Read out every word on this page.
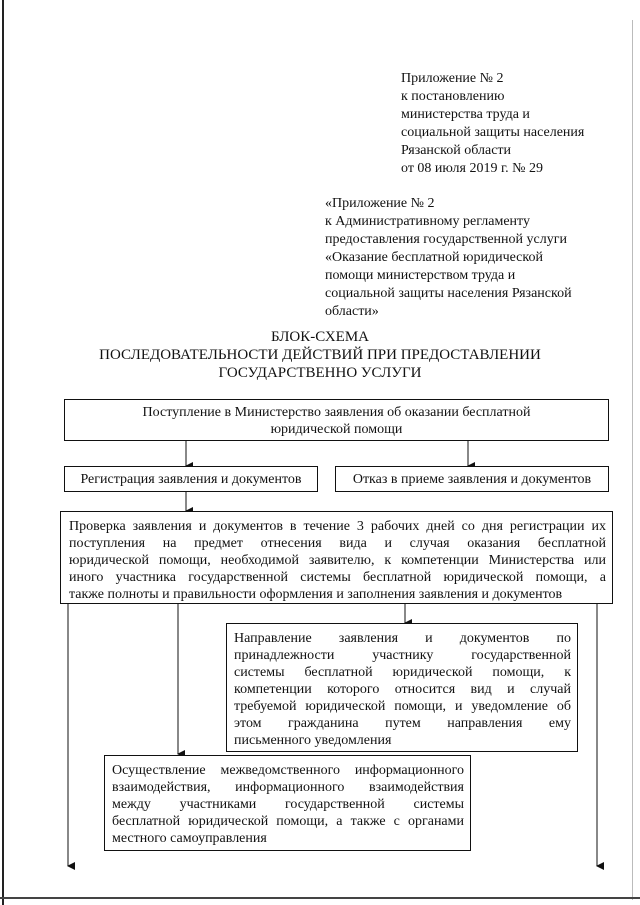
Приложение № 2
к постановлению
министерства труда и
социальной защиты населения
Рязанской области
от 08 июля 2019 г. № 29
«Приложение № 2
к Административному регламенту
предоставления государственной услуги
«Оказание бесплатной юридической
помощи министерством труда и
социальной защиты населения Рязанской
области»
БЛОК-СХЕМА
ПОСЛЕДОВАТЕЛЬНОСТИ ДЕЙСТВИЙ ПРИ ПРЕДОСТАВЛЕНИИ
ГОСУДАРСТВЕННО УСЛУГИ
Поступление в Министерство заявления об оказании бесплатной
юридической помощи
Регистрация заявления и документов	Отказ в приеме заявления и документов
Проверка заявления и документов в течение 3 рабочих дней со дня регистрации их
поступления на предмет отнесения вида и случая оказания бесплатной
юридической помощи, необходимой заявителю, к компетенции Министерства или
иного участника государственной системы бесплатной юридической помощи, а
также полноты и правильности оформления и заполнения заявления и документов
Направление заявления и документов по
принадлежности участнику государственной
системы бесплатной юридической помощи, к
компетенции которого относится вид и случай
требуемой юридической помощи, и уведомление об
этом гражданина путем направления ему
письменного уведомления
Осуществление межведомственного информационного
взаимодействия, информационного взаимодействия
между участниками государственной системы
бесплатной юридической помощи, а также с органами
местного самоуправления
